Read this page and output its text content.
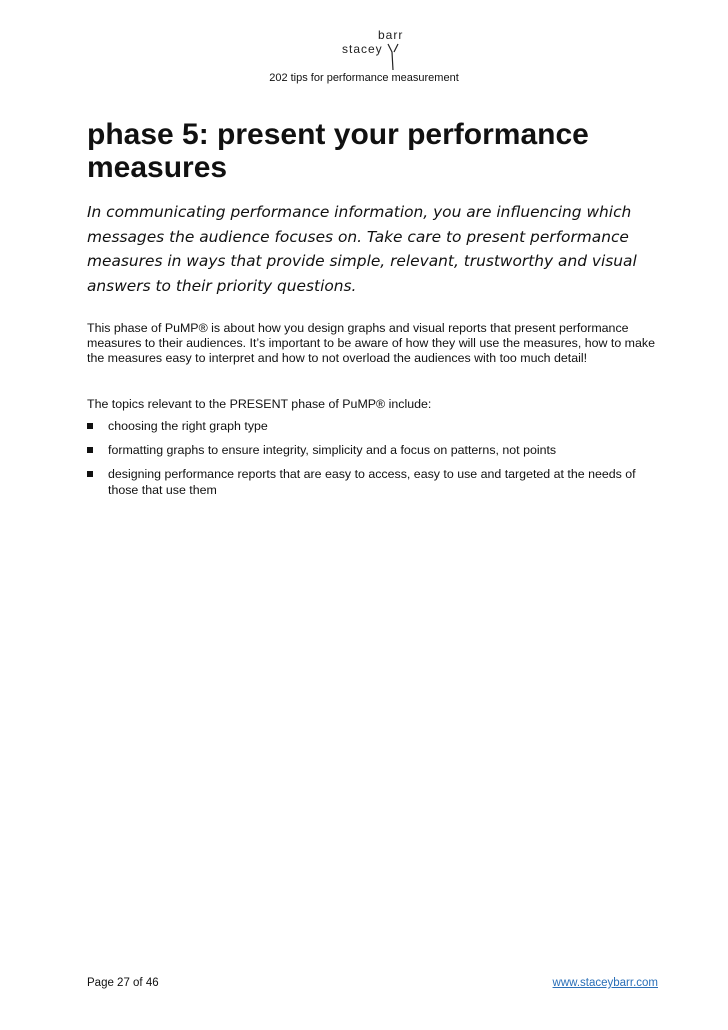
barr
stacey
202 tips for performance measurement
phase 5: present your performance measures

In communicating performance information, you are influencing which messages the audience focuses on. Take care to present performance measures in ways that provide simple, relevant, trustworthy and visual answers to their priority questions.

This phase of PuMP® is about how you design graphs and visual reports that present performance measures to their audiences. It’s important to be aware of how they will use the measures, how to make the measures easy to interpret and how to not overload the audiences with too much detail!

The topics relevant to the PRESENT phase of PuMP® include:

choosing the right graph type
formatting graphs to ensure integrity, simplicity and a focus on patterns, not points
designing performance reports that are easy to access, easy to use and targeted at the needs of those that use them
Page 27 of 46	www.staceybarr.com
